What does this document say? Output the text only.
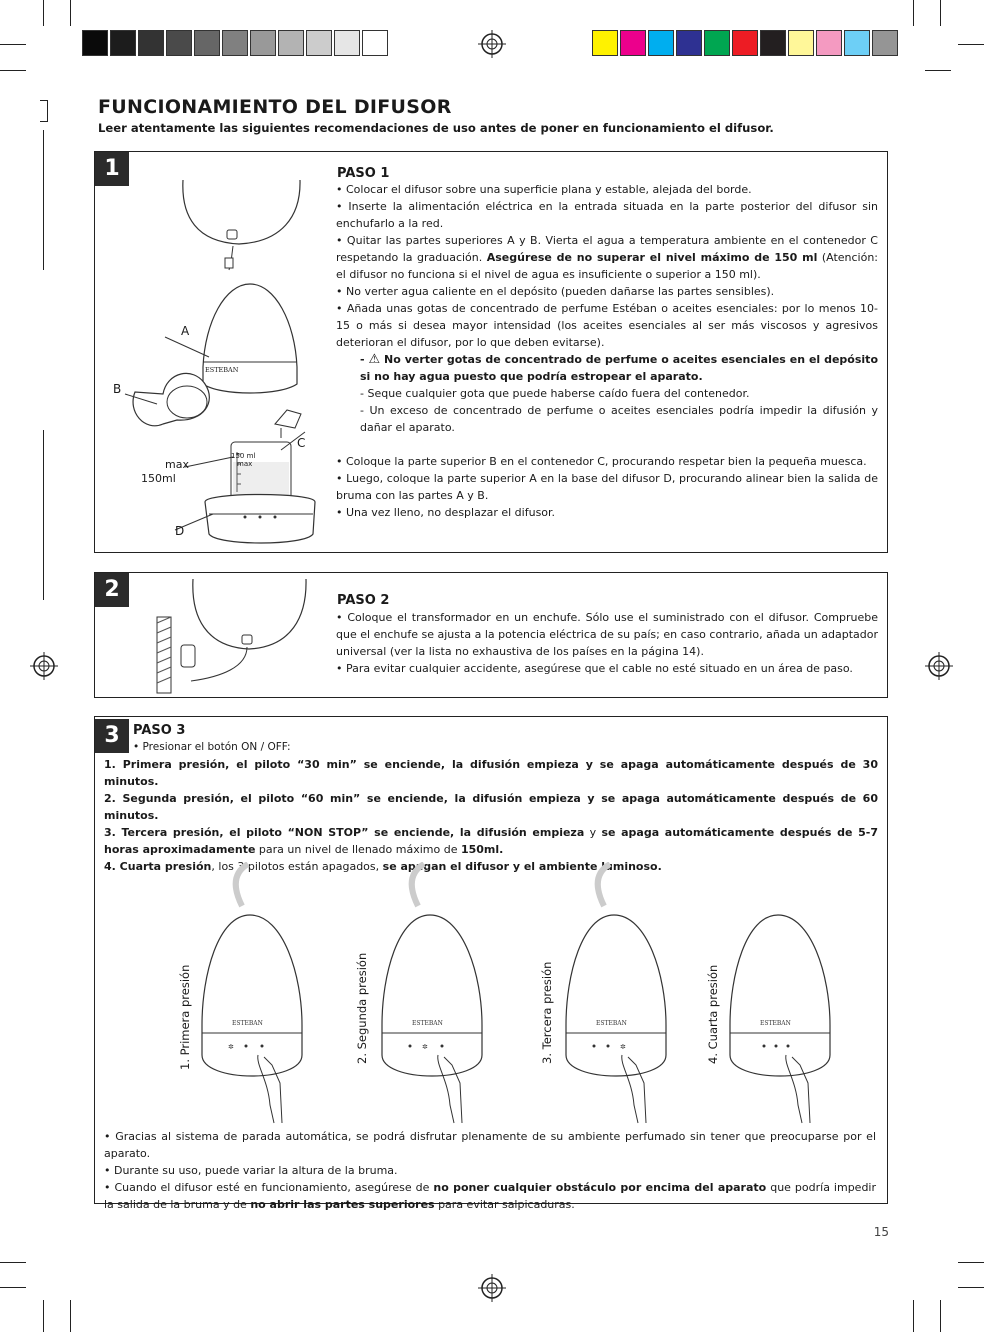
FUNCIONAMIENTO DEL DIFUSOR
Leer atentamente las siguientes recomendaciones de uso antes de poner en funcionamiento el difusor.
1
A
B
C
D
max
150ml
150 ml
max
ESTEBAN
PASO 1

• Colocar el difusor sobre una superficie plana y estable, alejada del borde.

• Inserte la alimentación eléctrica en la entrada situada en la parte posterior del difusor sin enchufarlo a la red.

• Quitar las partes superiores A y B. Vierta el agua a temperatura ambiente en el contenedor C respetando la graduación. Asegúrese de no superar el nivel máximo de 150 ml (Atención: el difusor no funciona si el nivel de agua es insuficiente o superior a 150 ml).

• No verter agua caliente en el depósito (pueden dañarse las partes sensibles).

• Añada unas gotas de concentrado de perfume Estéban o aceites esenciales: por lo menos 10-15 o más si desea mayor intensidad (los aceites esenciales al ser más viscosos y agresivos deterioran el difusor, por lo que deben evitarse).

- ⚠ No verter gotas de concentrado de perfume o aceites esenciales en el depósito si no hay agua puesto que podría estropear el aparato.

- Seque cualquier gota que puede haberse caído fuera del contenedor.

- Un exceso de concentrado de perfume o aceites esenciales podría impedir la difusión y dañar el aparato.

• Coloque la parte superior B en el contenedor C, procurando respetar bien la pequeña muesca.

• Luego, coloque la parte superior A en la base del difusor D, procurando alinear bien la salida de bruma con las partes A y B.

• Una vez lleno, no desplazar el difusor.

2	PASO 2

• Coloque el transformador en un enchufe. Sólo use el suministrado con el difusor. Compruebe que el enchufe se ajusta a la potencia eléctrica de su país; en caso contrario, añada un adaptador universal (ver la lista no exhaustiva de los países en la página 14).

• Para evitar cualquier accidente, asegúrese que el cable no esté situado en un área de paso.

3	PASO 3
• Presionar el botón ON / OFF:

1. Primera presión, el piloto “30 min” se enciende, la difusión empieza y se apaga automáticamente después de 30 minutos.

2. Segunda presión, el piloto “60 min” se enciende, la difusión empieza y se apaga automáticamente después de 60 minutos.

3. Tercera presión, el piloto “NON STOP” se enciende, la difusión empieza y se apaga automáticamente después de 5-7 horas aproximadamente para un nivel de llenado máximo de 150ml.

4. Cuarta presión, los 3 pilotos están apagados, se apagan el difusor y el ambiente luminoso.

1. Primera presión	2. Segunda presión	3. Tercera presión	4. Cuarta presión
ESTEBAN
✲
ESTEBAN
✲
ESTEBAN
✲
ESTEBAN

• Gracias al sistema de parada automática, se podrá disfrutar plenamente de su ambiente perfumado sin tener que preocuparse por el aparato.

• Durante su uso, puede variar la altura de la bruma.

• Cuando el difusor esté en funcionamiento, asegúrese de no poner cualquier obstáculo por encima del aparato que podría impedir la salida de la bruma y de no abrir las partes superiores para evitar salpicaduras.

15
